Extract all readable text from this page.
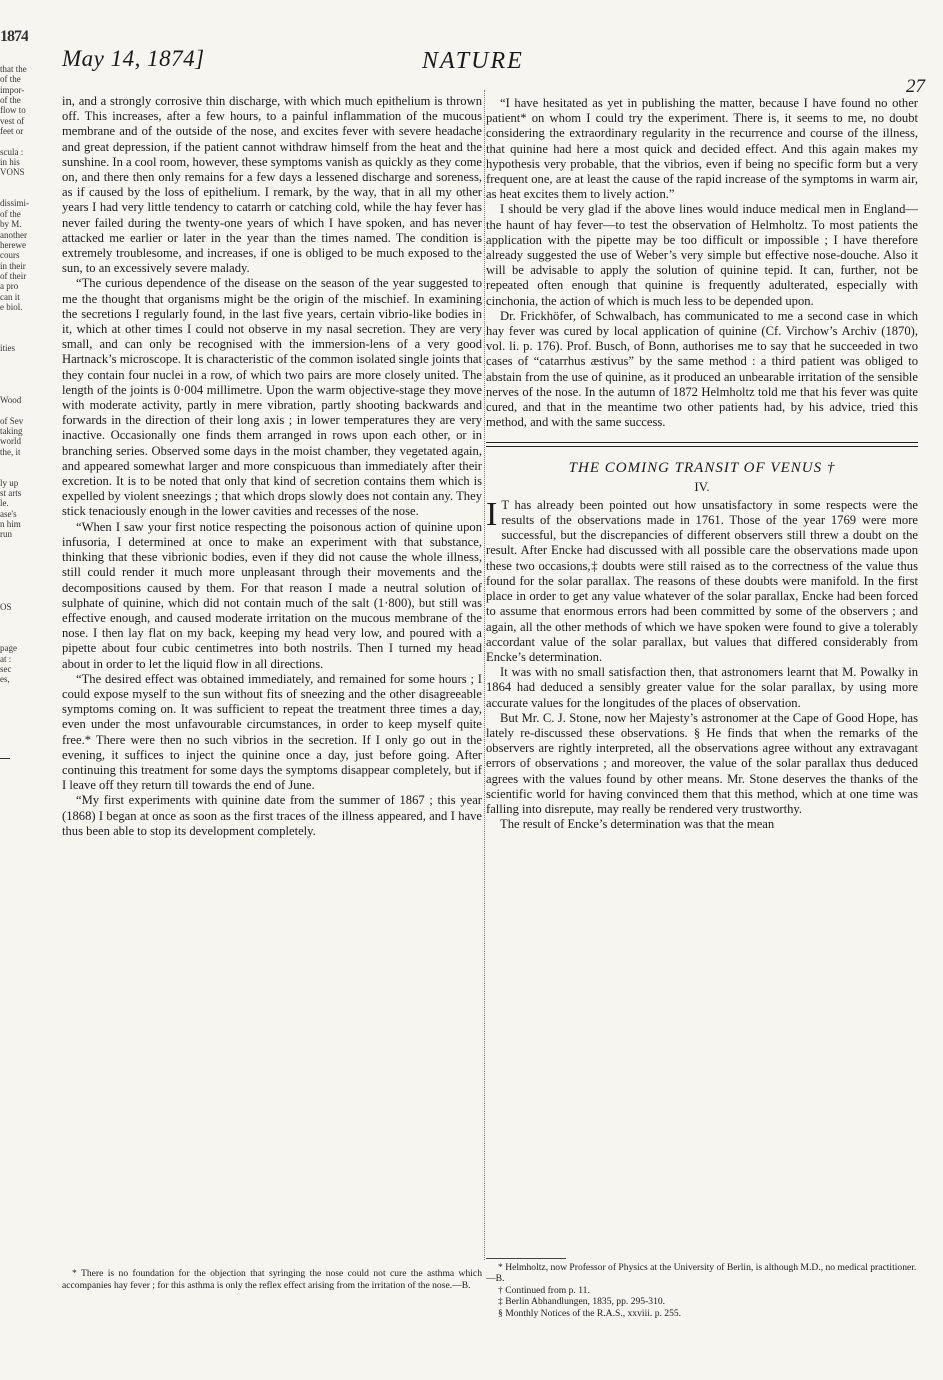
1874
that the
of the
impor-
of the
flow to
vest of
feet or

scula :
in his
VONS

dissimi-
of the
by M.
another
herewe
cours
in their
of their
a pro
can it
e biol.

ities

Wood

of Sev
taking
world
the, it

ly up
st arts
le.
ase's
n him
run

OS

page
at :
sec
es,

May 14, 1874]	NATURE
27

in, and a strongly corrosive thin discharge, with which much epithelium is thrown off. This increases, after a few hours, to a painful inflammation of the mucous membrane and of the outside of the nose, and excites fever with severe headache and great depression, if the patient cannot withdraw himself from the heat and the sunshine. In a cool room, however, these symptoms vanish as quickly as they come on, and there then only remains for a few days a lessened discharge and soreness, as if caused by the loss of epithelium. I remark, by the way, that in all my other years I had very little tendency to catarrh or catching cold, while the hay fever has never failed during the twenty-one years of which I have spoken, and has never attacked me earlier or later in the year than the times named. The condition is extremely troublesome, and increases, if one is obliged to be much exposed to the sun, to an excessively severe malady.

“The curious dependence of the disease on the season of the year suggested to me the thought that organisms might be the origin of the mischief. In examining the secretions I regularly found, in the last five years, certain vibrio-like bodies in it, which at other times I could not observe in my nasal secretion. They are very small, and can only be recognised with the immersion-lens of a very good Hartnack’s microscope. It is characteristic of the common isolated single joints that they contain four nuclei in a row, of which two pairs are more closely united. The length of the joints is 0·004 millimetre. Upon the warm objective-stage they move with moderate activity, partly in mere vibration, partly shooting backwards and forwards in the direction of their long axis ; in lower temperatures they are very inactive. Occasionally one finds them arranged in rows upon each other, or in branching series. Observed some days in the moist chamber, they vegetated again, and appeared somewhat larger and more conspicuous than immediately after their excretion. It is to be noted that only that kind of secretion contains them which is expelled by violent sneezings ; that which drops slowly does not contain any. They stick tenaciously enough in the lower cavities and recesses of the nose.

“When I saw your first notice respecting the poisonous action of quinine upon infusoria, I determined at once to make an experiment with that substance, thinking that these vibrionic bodies, even if they did not cause the whole illness, still could render it much more unpleasant through their movements and the decompositions caused by them. For that reason I made a neutral solution of sulphate of quinine, which did not contain much of the salt (1·800), but still was effective enough, and caused moderate irritation on the mucous membrane of the nose. I then lay flat on my back, keeping my head very low, and poured with a pipette about four cubic centimetres into both nostrils. Then I turned my head about in order to let the liquid flow in all directions.

“The desired effect was obtained immediately, and remained for some hours ; I could expose myself to the sun without fits of sneezing and the other disagreeable symptoms coming on. It was sufficient to repeat the treatment three times a day, even under the most unfavourable circumstances, in order to keep myself quite free.* There were then no such vibrios in the secretion. If I only go out in the evening, it suffices to inject the quinine once a day, just before going. After continuing this treatment for some days the symptoms disappear completely, but if I leave off they return till towards the end of June.

“My first experiments with quinine date from the summer of 1867 ; this year (1868) I began at once as soon as the first traces of the illness appeared, and I have thus been able to stop its development completely.

* There is no foundation for the objection that syringing the nose could not cure the asthma which accompanies hay fever ; for this asthma is only the reflex effect arising from the irritation of the nose.—B.

“I have hesitated as yet in publishing the matter, because I have found no other patient* on whom I could try the experiment. There is, it seems to me, no doubt considering the extraordinary regularity in the recurrence and course of the illness, that quinine had here a most quick and decided effect. And this again makes my hypothesis very probable, that the vibrios, even if being no specific form but a very frequent one, are at least the cause of the rapid increase of the symptoms in warm air, as heat excites them to lively action.”

I should be very glad if the above lines would induce medical men in England—the haunt of hay fever—to test the observation of Helmholtz. To most patients the application with the pipette may be too difficult or impossible ; I have therefore already suggested the use of Weber’s very simple but effective nose-douche. Also it will be advisable to apply the solution of quinine tepid. It can, further, not be repeated often enough that quinine is frequently adulterated, especially with cinchonia, the action of which is much less to be depended upon.

Dr. Frickhöfer, of Schwalbach, has communicated to me a second case in which hay fever was cured by local application of quinine (Cf. Virchow’s Archiv (1870), vol. li. p. 176). Prof. Busch, of Bonn, authorises me to say that he succeeded in two cases of “catarrhus æstivus” by the same method : a third patient was obliged to abstain from the use of quinine, as it produced an unbearable irritation of the sensible nerves of the nose. In the autumn of 1872 Helmholtz told me that his fever was quite cured, and that in the meantime two other patients had, by his advice, tried this method, and with the same success.

THE COMING TRANSIT OF VENUS †
IV.

I T has already been pointed out how unsatisfactory in some respects were the results of the observations made in 1761. Those of the year 1769 were more successful, but the discrepancies of different observers still threw a doubt on the result. After Encke had discussed with all possible care the observations made upon these two occasions,‡ doubts were still raised as to the correctness of the value thus found for the solar parallax. The reasons of these doubts were manifold. In the first place in order to get any value whatever of the solar parallax, Encke had been forced to assume that enormous errors had been committed by some of the observers ; and again, all the other methods of which we have spoken were found to give a tolerably accordant value of the solar parallax, but values that differed considerably from Encke’s determination.

It was with no small satisfaction then, that astronomers learnt that M. Powalky in 1864 had deduced a sensibly greater value for the solar parallax, by using more accurate values for the longitudes of the places of observation.

But Mr. C. J. Stone, now her Majesty’s astronomer at the Cape of Good Hope, has lately re-discussed these observations. § He finds that when the remarks of the observers are rightly interpreted, all the observations agree without any extravagant errors of observations ; and moreover, the value of the solar parallax thus deduced agrees with the values found by other means. Mr. Stone deserves the thanks of the scientific world for having convinced them that this method, which at one time was falling into disrepute, may really be rendered very trustworthy.

The result of Encke’s determination was that the mean

* Helmholtz, now Professor of Physics at the University of Berlin, is although M.D., no medical practitioner.—B.

† Continued from p. 11.

‡ Berlin Abhandlungen, 1835, pp. 295-310.

§ Monthly Notices of the R.A.S., xxviii. p. 255.
